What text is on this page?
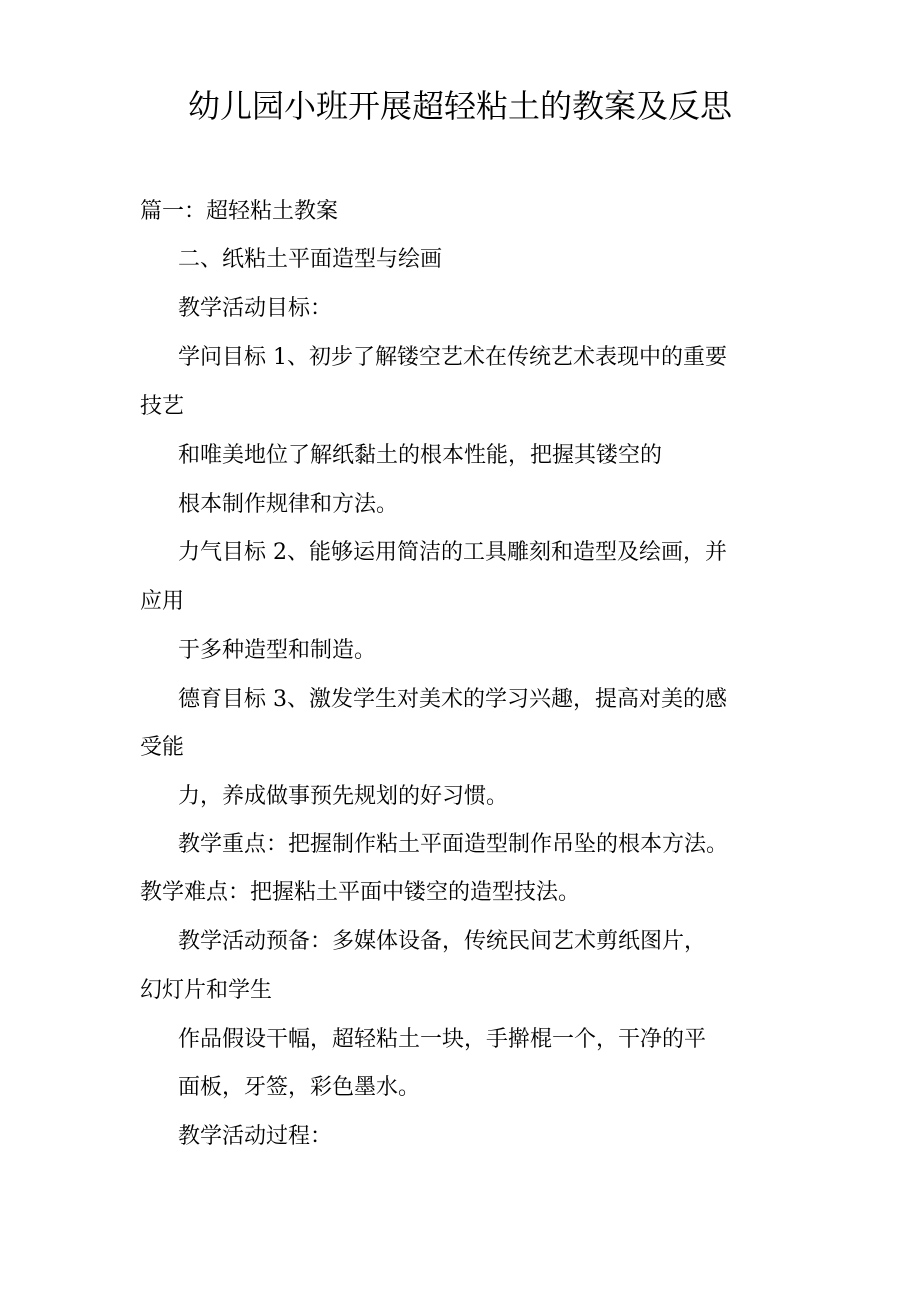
幼儿园小班开展超轻粘土的教案及反思
篇一：超轻粘土教案
二、纸粘土平面造型与绘画
教学活动目标：
学问目标 1、初步了解镂空艺术在传统艺术表现中的重要
技艺
和唯美地位了解纸黏土的根本性能，把握其镂空的
根本制作规律和方法。
力气目标 2、能够运用简洁的工具雕刻和造型及绘画，并
应用
于多种造型和制造。
德育目标 3、激发学生对美术的学习兴趣，提高对美的感
受能
力，养成做事预先规划的好习惯。
教学重点：把握制作粘土平面造型制作吊坠的根本方法。
教学难点：把握粘土平面中镂空的造型技法。
教学活动预备：多媒体设备，传统民间艺术剪纸图片，
幻灯片和学生
作品假设干幅，超轻粘土一块，手擀棍一个，干净的平
面板，牙签，彩色墨水。
教学活动过程：
